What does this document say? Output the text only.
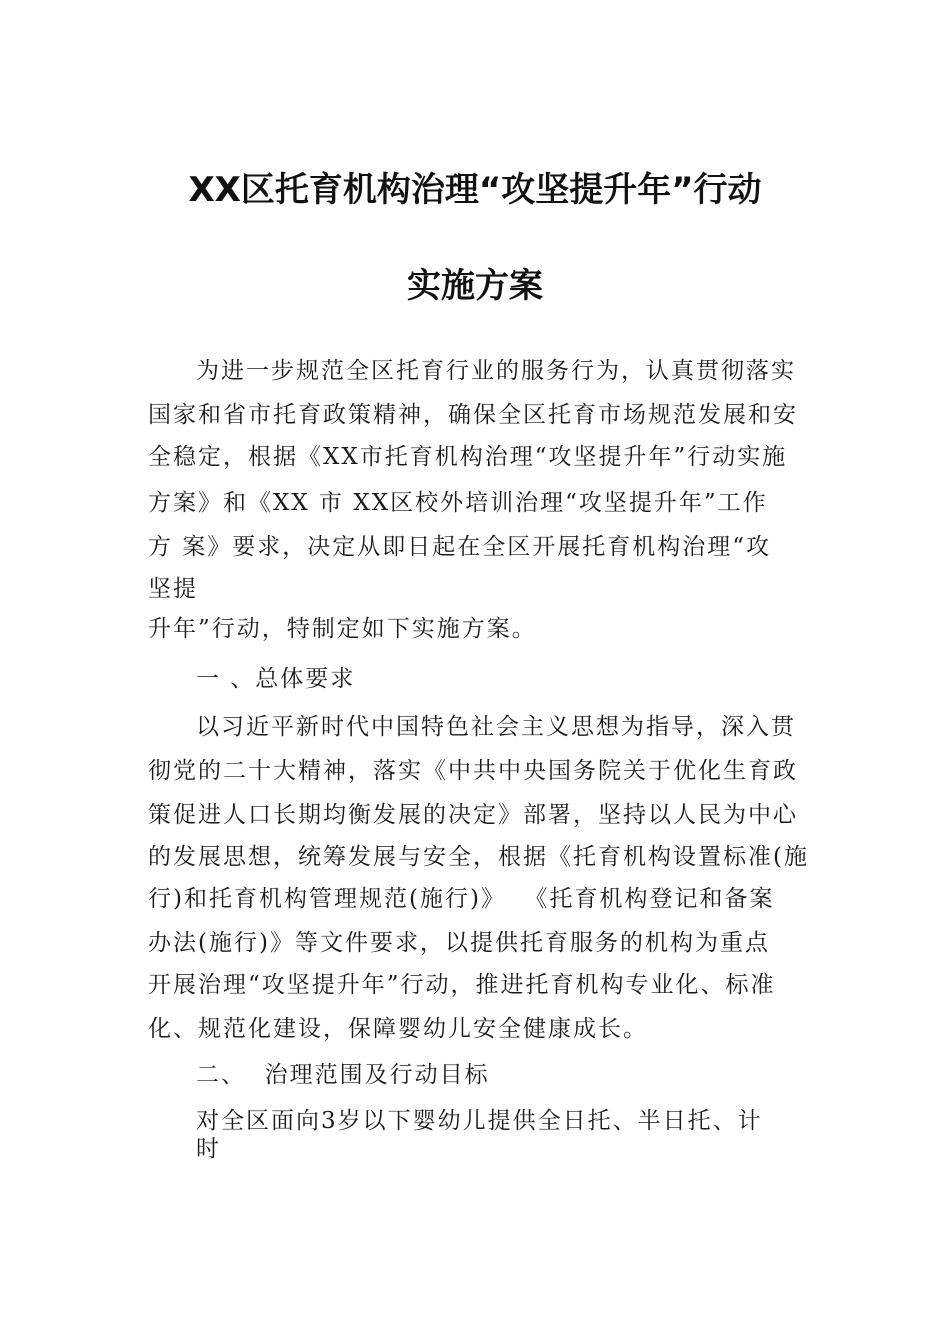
XX区托育机构治理“攻坚提升年”行动
实施方案
为进一步规范全区托育行业的服务行为，认真贯彻落实
国家和省市托育政策精神，确保全区托育市场规范发展和安
全稳定，根据《XX市托育机构治理“攻坚提升年”行动实施
方案》和《XX 市 XX区校外培训治理“攻坚提升年”工作
方 案》要求，决定从即日起在全区开展托育机构治理“攻
坚提
升年”行动，特制定如下实施方案。
一 、总体要求
以习近平新时代中国特色社会主义思想为指导，深入贯
彻党的二十大精神，落实《中共中央国务院关于优化生育政
策促进人口长期均衡发展的决定》部署，坚持以人民为中心
的发展思想，统筹发展与安全，根据《托育机构设置标准(施
行)和托育机构管理规范(施行)》  《托育机构登记和备案
办法(施行)》等文件要求，以提供托育服务的机构为重点
开展治理“攻坚提升年”行动，推进托育机构专业化、标准
化、规范化建设，保障婴幼儿安全健康成长。
二、  治理范围及行动目标
对全区面向3岁以下婴幼儿提供全日托、半日托、计
时
